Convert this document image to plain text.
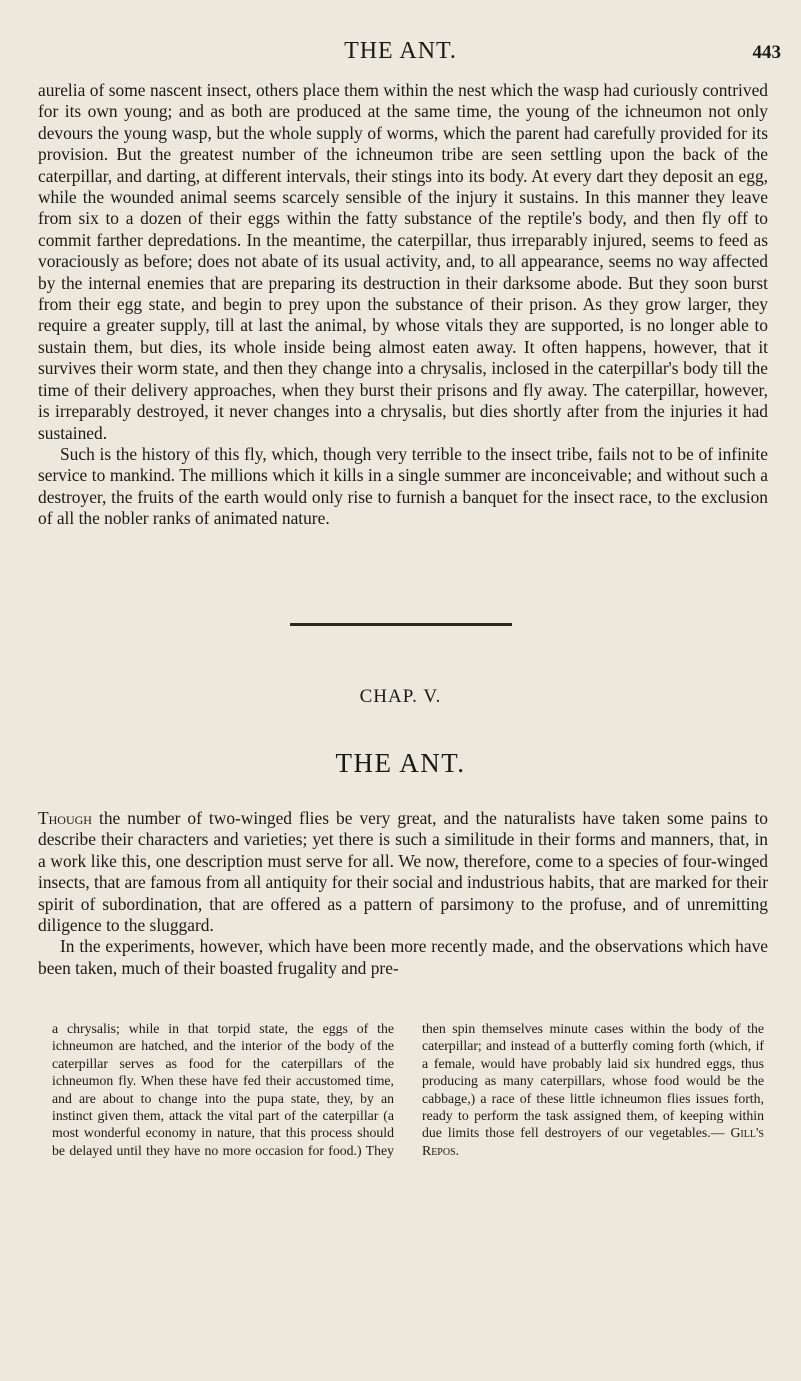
THE ANT.	443

aurelia of some nascent insect, others place them within the nest which the wasp had curiously contrived for its own young; and as both are produced at the same time, the young of the ichneumon not only devours the young wasp, but the whole supply of worms, which the parent had carefully provided for its provision. But the greatest number of the ichneumon tribe are seen settling upon the back of the caterpillar, and darting, at different intervals, their stings into its body. At every dart they deposit an egg, while the wounded animal seems scarcely sensible of the injury it sustains. In this manner they leave from six to a dozen of their eggs within the fatty substance of the reptile's body, and then fly off to commit farther depredations. In the meantime, the caterpillar, thus irreparably injured, seems to feed as voraciously as before; does not abate of its usual activity, and, to all appearance, seems no way affected by the internal enemies that are preparing its destruction in their darksome abode. But they soon burst from their egg state, and begin to prey upon the substance of their prison. As they grow larger, they require a greater supply, till at last the animal, by whose vitals they are supported, is no longer able to sustain them, but dies, its whole inside being almost eaten away. It often happens, however, that it survives their worm state, and then they change into a chrysalis, inclosed in the caterpillar's body till the time of their delivery approaches, when they burst their prisons and fly away. The caterpillar, however, is irreparably destroyed, it never changes into a chrysalis, but dies shortly after from the injuries it had sustained.

Such is the history of this fly, which, though very terrible to the insect tribe, fails not to be of infinite service to mankind. The millions which it kills in a single summer are inconceivable; and without such a destroyer, the fruits of the earth would only rise to furnish a banquet for the insect race, to the exclusion of all the nobler ranks of animated nature.

CHAP. V.
THE ANT.

Though the number of two-winged flies be very great, and the naturalists have taken some pains to describe their characters and varieties; yet there is such a similitude in their forms and manners, that, in a work like this, one description must serve for all. We now, therefore, come to a species of four-winged insects, that are famous from all antiquity for their social and industrious habits, that are marked for their spirit of subordination, that are offered as a pattern of parsimony to the profuse, and of unremitting diligence to the sluggard.

In the experiments, however, which have been more recently made, and the observations which have been taken, much of their boasted frugality and pre-

a chrysalis; while in that torpid state, the eggs of the ichneumon are hatched, and the interior of the body of the caterpillar serves as food for the caterpillars of the ichneumon fly. When these have fed their accustomed time, and are about to change into the pupa state, they, by an instinct given them, attack the vital part of the caterpillar (a most wonderful economy in nature, that this process should be delayed until they have no more occasion for food.) They then spin themselves minute cases within the body of the caterpillar; and instead of a butterfly coming forth (which, if a female, would have probably laid six hundred eggs, thus producing as many caterpillars, whose food would be the cabbage,) a race of these little ichneumon flies issues forth, ready to perform the task assigned them, of keeping within due limits those fell destroyers of our vegetables.— Gill's Repos.
